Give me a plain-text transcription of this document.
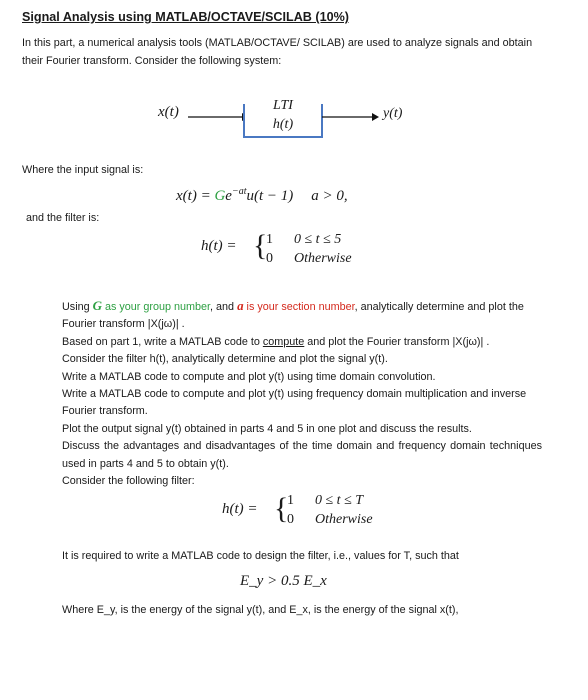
Signal Analysis using MATLAB/OCTAVE/SCILAB (10%)
In this part, a numerical analysis tools (MATLAB/OCTAVE/ SCILAB) are used to analyze signals and obtain their Fourier transform. Consider the following system:
x(t)	LTI
h(t)
y(t)
Where the input signal is:
$x(t) = Ge^{-at}u(t - 1) a > 0$,
and the filter is:
h(t) = {
1 0 ≤ t ≤ 5
0 Otherwise

Using G as your group number, and a is your section number, analytically determine and plot the Fourier transform |X(jω)| .

Based on part 1, write a MATLAB code to compute and plot the Fourier transform |X(jω)| .

Consider the filter h(t), analytically determine and plot the signal y(t).

Write a MATLAB code to compute and plot y(t) using time domain convolution.

Write a MATLAB code to compute and plot y(t) using frequency domain multiplication and inverse Fourier transform.

Plot the output signal y(t) obtained in parts 4 and 5 in one plot and discuss the results.

Discuss the advantages and disadvantages of the time domain and frequency domain techniques used in parts 4 and 5 to obtain y(t).

Consider the following filter:

h(t) = {
1 0 ≤ t ≤ T
0 Otherwise
It is required to write a MATLAB code to design the filter, i.e., values for T, such that
E_y > 0.5 E_x
Where E_y, is the energy of the signal y(t), and E_x, is the energy of the signal x(t),
